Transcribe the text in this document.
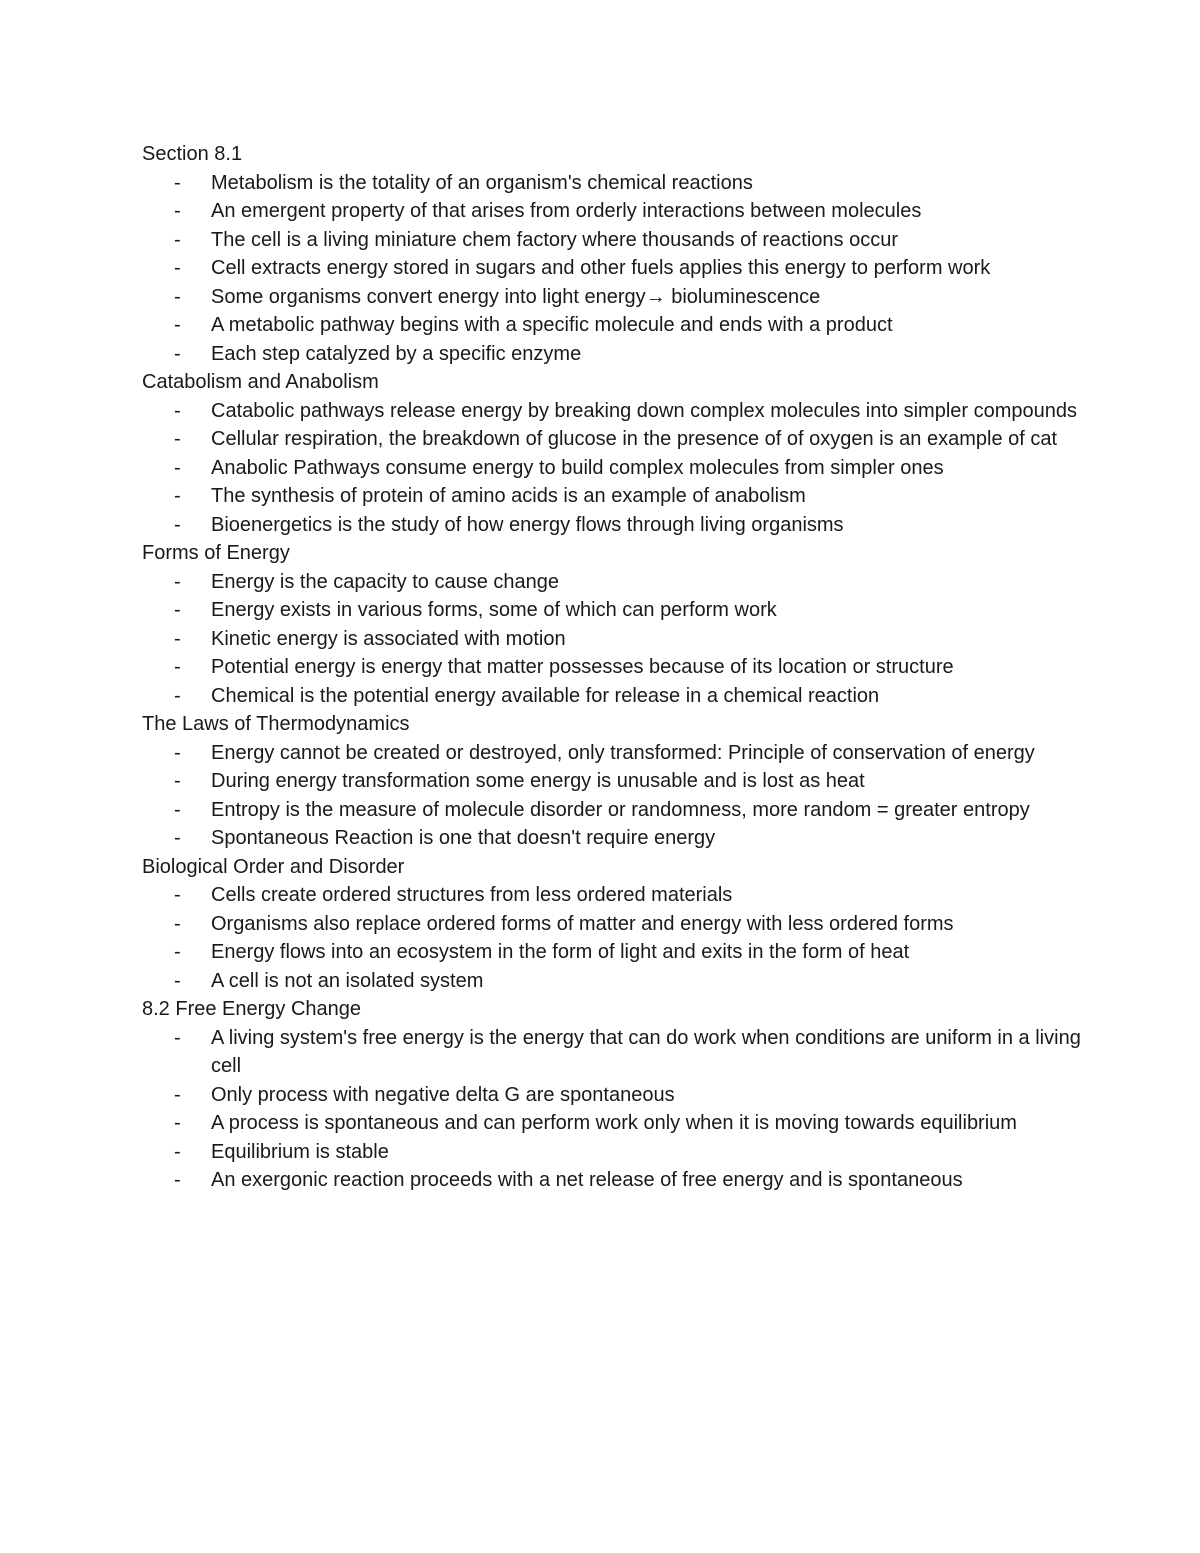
Section 8.1
- Metabolism is the totality of an organism's chemical reactions
- An emergent property of that arises from orderly interactions between molecules
- The cell is a living miniature chem factory where thousands of reactions occur
- Cell extracts energy stored in sugars and other fuels applies this energy to perform work
- Some organisms convert energy into light energy→ bioluminescence
- A metabolic pathway begins with a specific molecule and ends with a product
- Each step catalyzed by a specific enzyme
Catabolism and Anabolism
- Catabolic pathways release energy by breaking down complex molecules into simpler compounds
- Cellular respiration, the breakdown of glucose in the presence of of oxygen is an example of cat
- Anabolic Pathways consume energy to build complex molecules from simpler ones
- The synthesis of protein of amino acids is an example of anabolism
- Bioenergetics is the study of how energy flows through living organisms
Forms of Energy
- Energy is the capacity to cause change
- Energy exists in various forms, some of which can perform work
- Kinetic energy is associated with motion
- Potential energy is energy that matter possesses because of its location or structure
- Chemical is the potential energy available for release in a chemical reaction
The Laws of Thermodynamics
- Energy cannot be created or destroyed, only transformed: Principle of conservation of energy
- During energy transformation some energy is unusable and is lost as heat
- Entropy is the measure of molecule disorder or randomness, more random = greater entropy
- Spontaneous Reaction is one that doesn't require energy
Biological Order and Disorder
- Cells create ordered structures from less ordered materials
- Organisms also replace ordered forms of matter and energy with less ordered forms
- Energy flows into an ecosystem in the form of light and exits in the form of heat
- A cell is not an isolated system
8.2 Free Energy Change
- A living system's free energy is the energy that can do work when conditions are uniform in a living cell
- Only process with negative delta G are spontaneous
- A process is spontaneous and can perform work only when it is moving towards equilibrium
- Equilibrium is stable
- An exergonic reaction proceeds with a net release of free energy and is spontaneous
